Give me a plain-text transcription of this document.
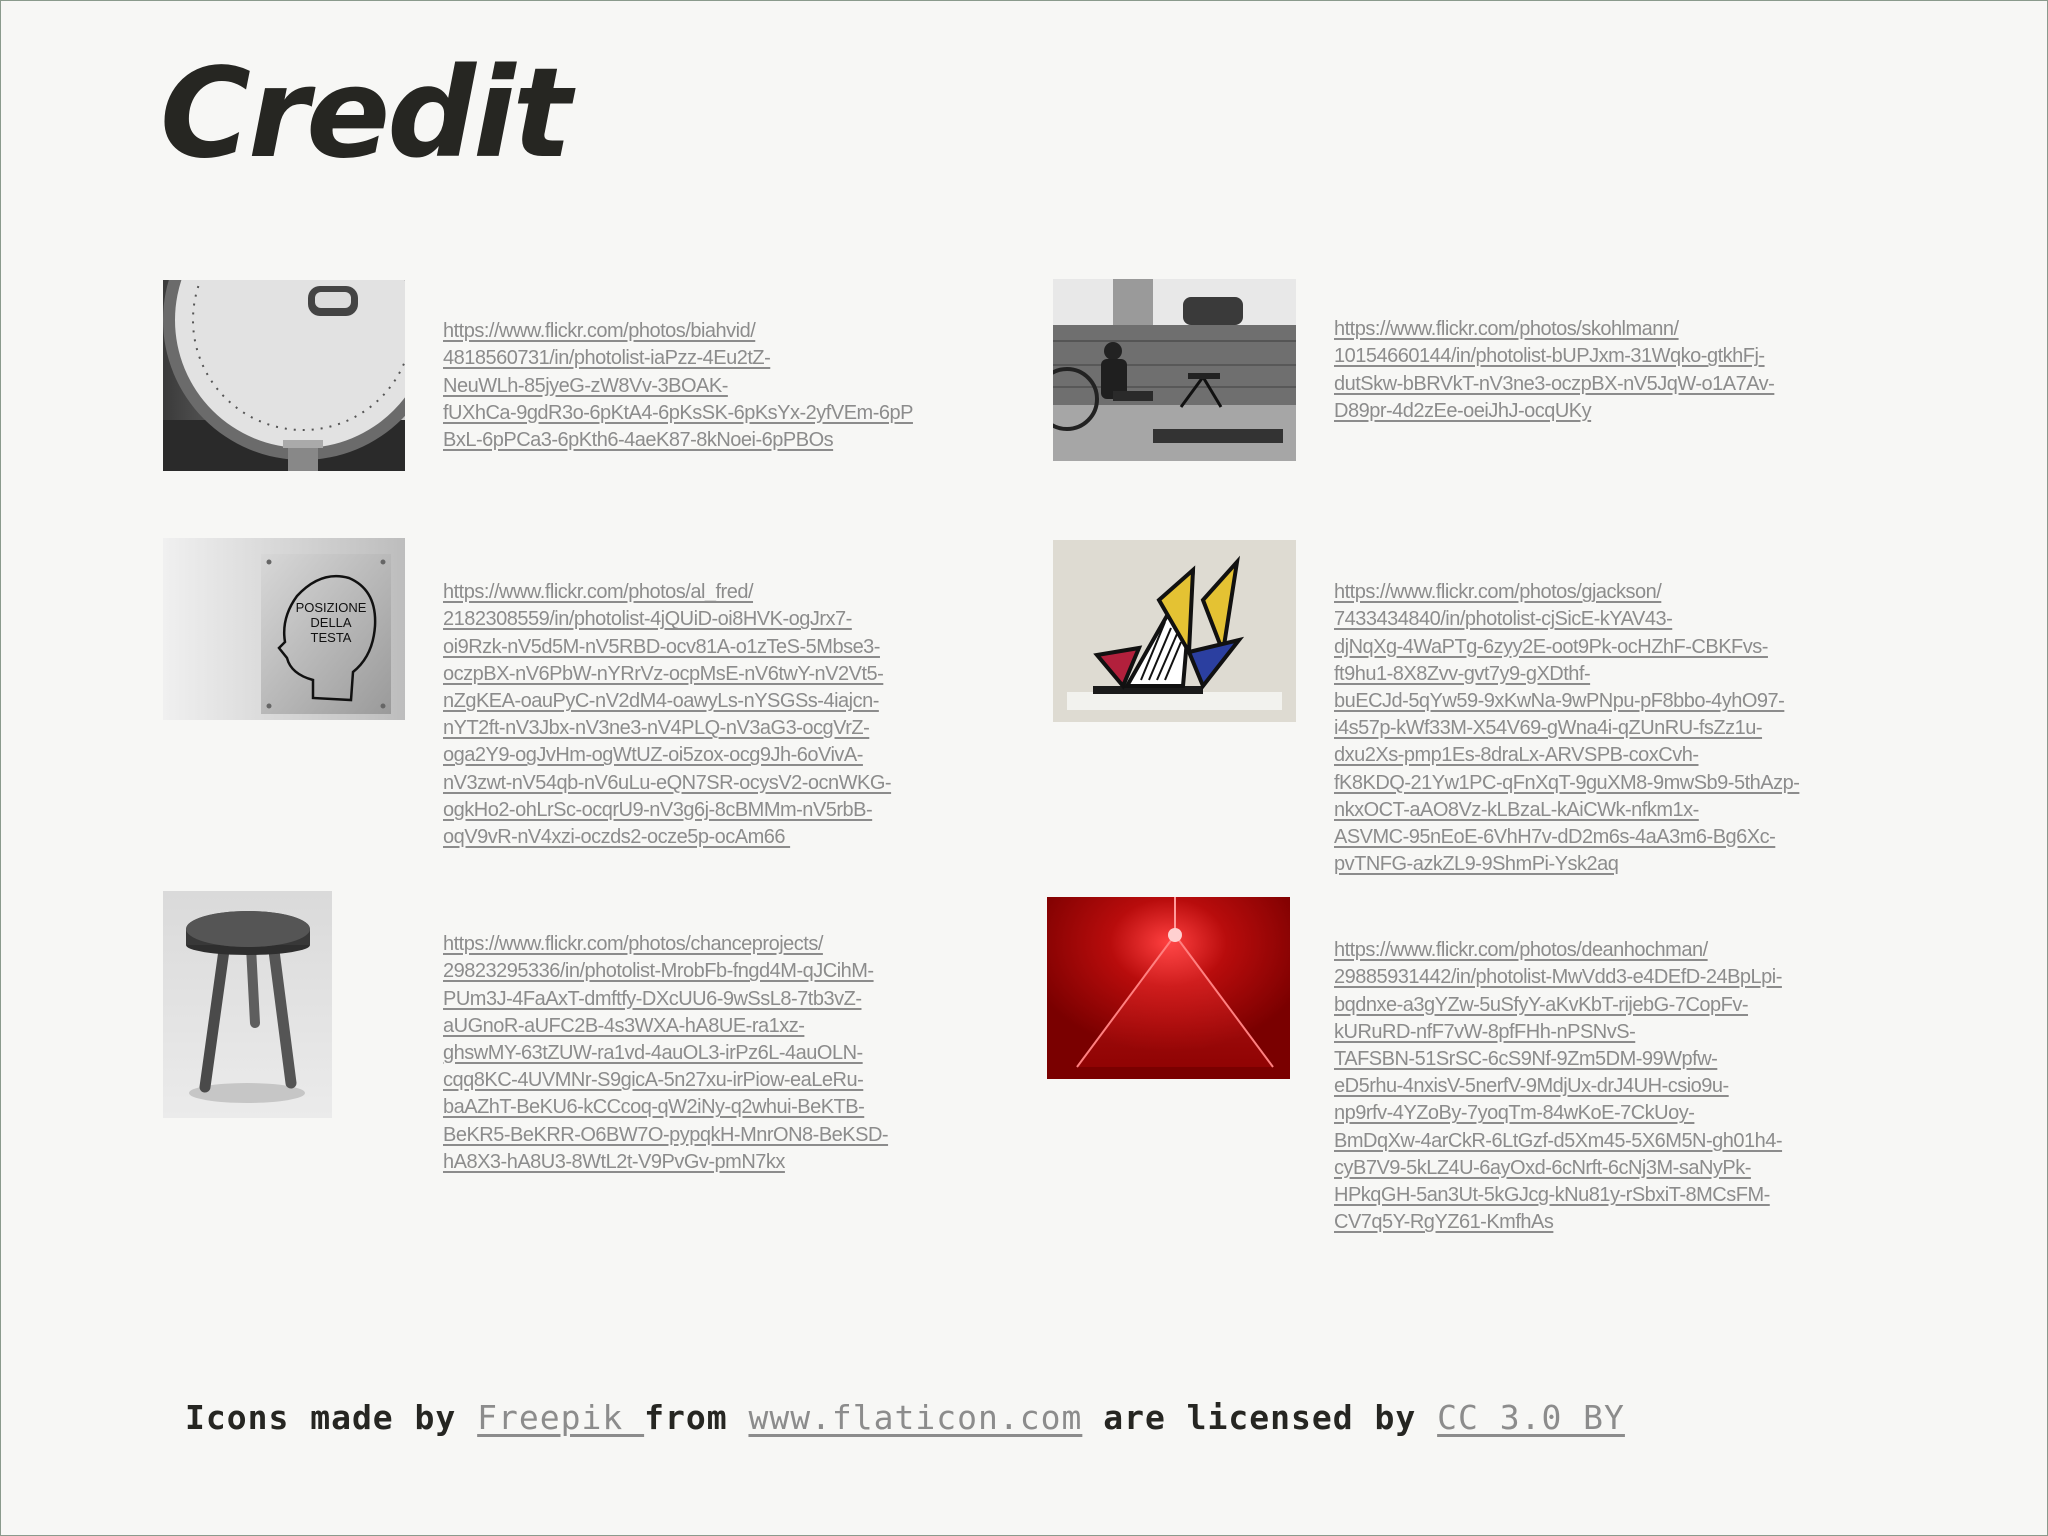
Credit

https://www.flickr.com/photos/biahvid/
4818560731/in/photolist-iaPzz-4Eu2tZ-
NeuWLh-85jyeG-zW8Vv-3BOAK-
fUXhCa-9gdR3o-6pKtA4-6pKsSK-6pKsYx-2yfVEm-6pP
BxL-6pPCa3-6pKth6-4aeK87-8kNoei-6pPBOs

https://www.flickr.com/photos/skohlmann/
10154660144/in/photolist-bUPJxm-31Wqko-gtkhFj-
dutSkw-bBRVkT-nV3ne3-oczpBX-nV5JqW-o1A7Av-
D89pr-4d2zEe-oeiJhJ-ocqUKy
POSIZIONE
DELLA
TESTA

https://www.flickr.com/photos/al_fred/
2182308559/in/photolist-4jQUiD-oi8HVK-ogJrx7-
oi9Rzk-nV5d5M-nV5RBD-ocv81A-o1zTeS-5Mbse3-
oczpBX-nV6PbW-nYRrVz-ocpMsE-nV6twY-nV2Vt5-
nZgKEA-oauPyC-nV2dM4-oawyLs-nYSGSs-4iajcn-
nYT2ft-nV3Jbx-nV3ne3-nV4PLQ-nV3aG3-ocgVrZ-
oga2Y9-ogJvHm-ogWtUZ-oi5zox-ocg9Jh-6oVivA-
nV3zwt-nV54qb-nV6uLu-eQN7SR-ocysV2-ocnWKG-
ogkHo2-ohLrSc-ocqrU9-nV3g6j-8cBMMm-nV5rbB-
oqV9vR-nV4xzi-oczds2-ocze5p-ocAm66

https://www.flickr.com/photos/gjackson/
7433434840/in/photolist-cjSicE-kYAV43-
djNqXg-4WaPTg-6zyy2E-oot9Pk-ocHZhF-CBKFvs-
ft9hu1-8X8Zvv-gvt7y9-gXDthf-
buECJd-5qYw59-9xKwNa-9wPNpu-pF8bbo-4yhO97-
i4s57p-kWf33M-X54V69-gWna4i-qZUnRU-fsZz1u-
dxu2Xs-pmp1Es-8draLx-ARVSPB-coxCvh-
fK8KDQ-21Yw1PC-qFnXqT-9guXM8-9mwSb9-5thAzp-
nkxOCT-aAO8Vz-kLBzaL-kAiCWk-nfkm1x-
ASVMC-95nEoE-6VhH7v-dD2m6s-4aA3m6-Bg6Xc-
pvTNFG-azkZL9-9ShmPi-Ysk2aq

https://www.flickr.com/photos/chanceprojects/
29823295336/in/photolist-MrobFb-fngd4M-qJCihM-
PUm3J-4FaAxT-dmftfy-DXcUU6-9wSsL8-7tb3vZ-
aUGnoR-aUFC2B-4s3WXA-hA8UE-ra1xz-
ghswMY-63tZUW-ra1vd-4auOL3-irPz6L-4auOLN-
cqq8KC-4UVMNr-S9gicA-5n27xu-irPiow-eaLeRu-
baAZhT-BeKU6-kCCcoq-qW2iNy-q2whui-BeKTB-
BeKR5-BeKRR-O6BW7O-pypqkH-MnrON8-BeKSD-
hA8X3-hA8U3-8WtL2t-V9PvGv-pmN7kx

https://www.flickr.com/photos/deanhochman/
29885931442/in/photolist-MwVdd3-e4DEfD-24BpLpi-
bqdnxe-a3gYZw-5uSfyY-aKvKbT-rijebG-7CopFv-
kURuRD-nfF7vW-8pfFHh-nPSNvS-
TAFSBN-51SrSC-6cS9Nf-9Zm5DM-99Wpfw-
eD5rhu-4nxisV-5nerfV-9MdjUx-drJ4UH-csio9u-
np9rfv-4YZoBy-7yoqTm-84wKoE-7CkUoy-
BmDqXw-4arCkR-6LtGzf-d5Xm45-5X6M5N-gh01h4-
cyB7V9-5kLZ4U-6ayOxd-6cNrft-6cNj3M-saNyPk-
HPkqGH-5an3Ut-5kGJcg-kNu81y-rSbxiT-8MCsFM-
CV7q5Y-RgYZ61-KmfhAs

Icons made by Freepik from www.flaticon.com are licensed by CC 3.0 BY
